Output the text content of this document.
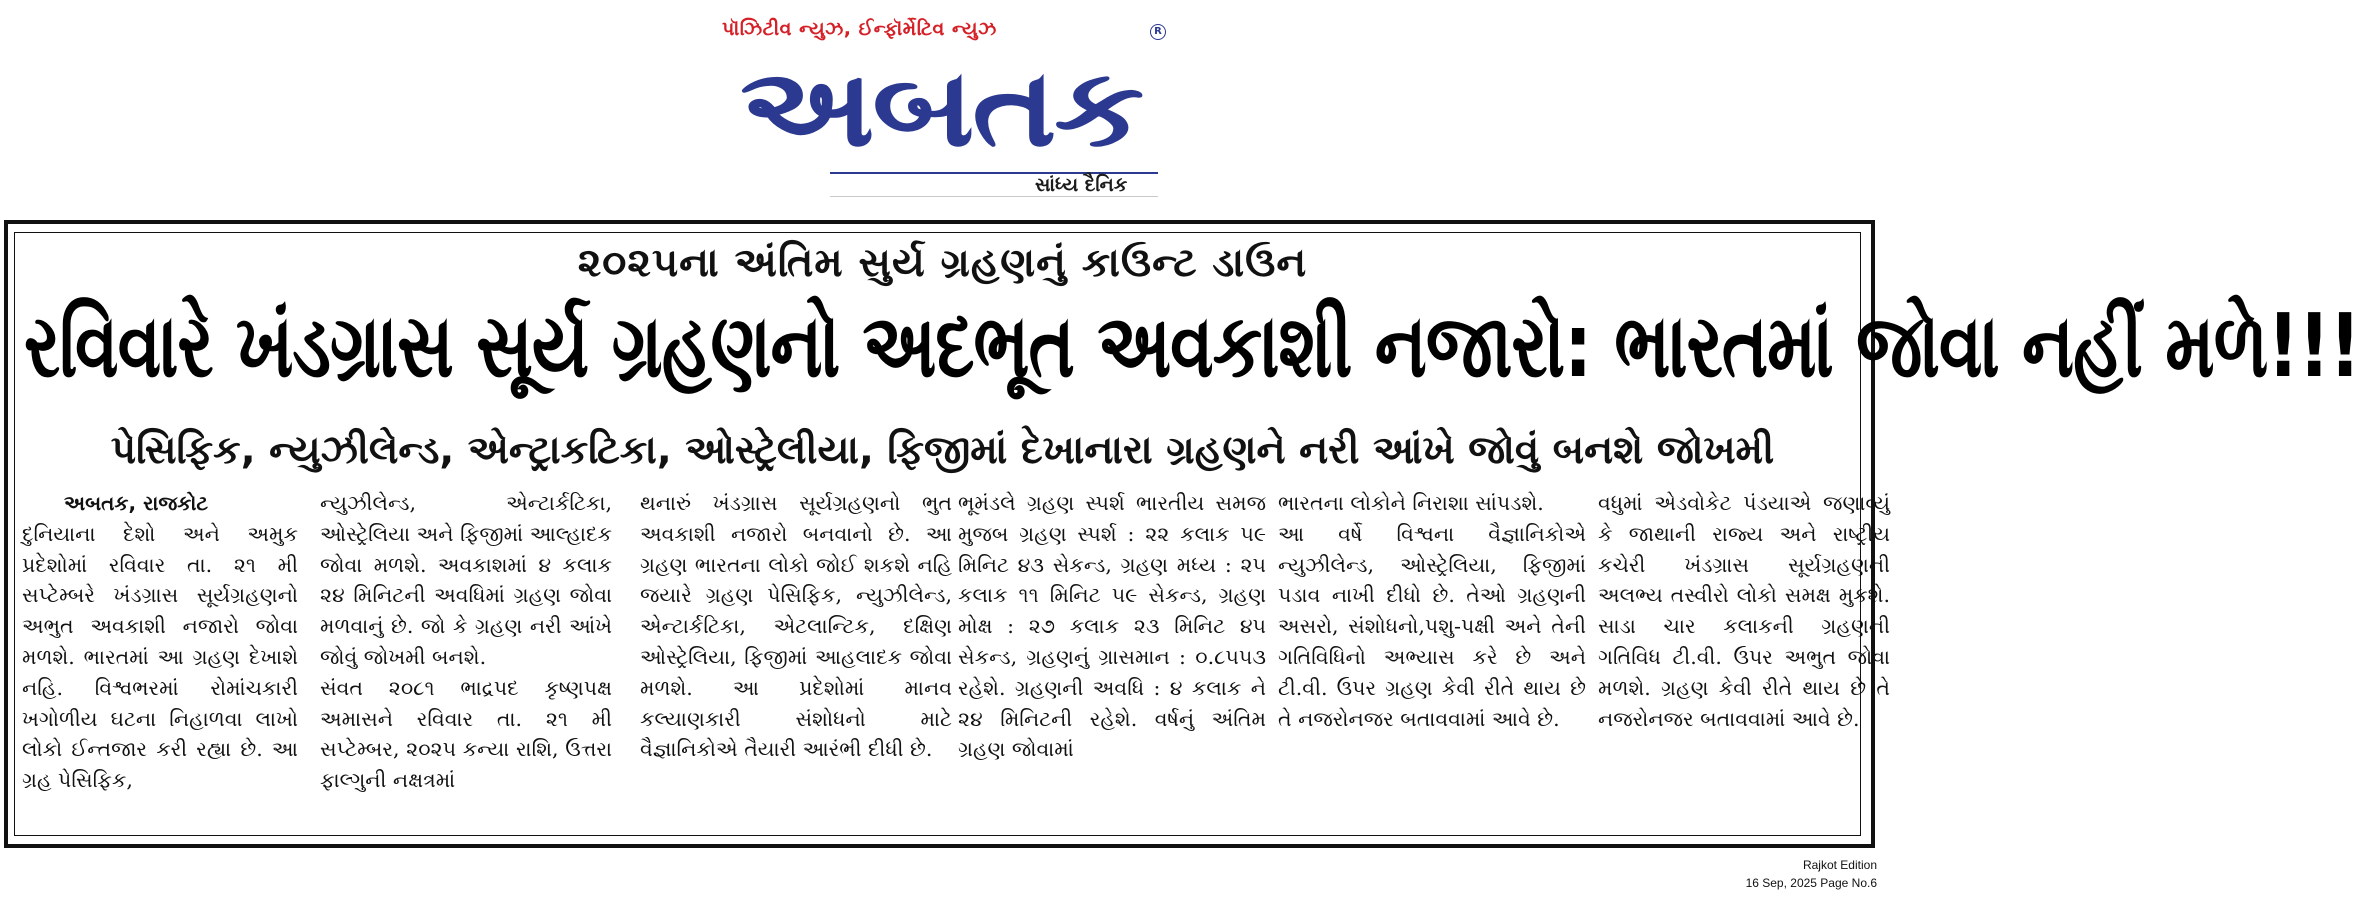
પૉઝિટીવ ન્યુઝ, ઈન્ફૉર્મેટિવ ન્યુઝ	R
અબતક
સાંધ્ય દૈનિક
૨૦૨૫ના અંતિમ સુર્ય ગ્રહણનું કાઉન્ટ ડાઉન
રવિવારે ખંડગ્રાસ સૂર્ય ગ્રહણનો અદભૂત અવકાશી નજારો: ભારતમાં જોવા નહીં મળે!!!
પેસિફિક, ન્યુઝીલેન્ડ, એન્ટ્રાકટિકા, ઓસ્ટ્રેલીયા, ફિજીમાં દેખાનારા ગ્રહણને નરી આંખે જોવું બનશે જોખમી
અબતક, રાજકોટ

દુનિયાના દેશો અને અમુક પ્રદેશોમાં રવિવાર તા. ૨૧ મી સપ્ટેમ્બરે ખંડગ્રાસ સૂર્યગ્રહણનો અભુત અવકાશી નજારો જોવા મળશે. ભારતમાં આ ગ્રહણ દેખાશે નહિ. વિશ્વભરમાં રોમાંચકારી ખગોળીય ઘટના નિહાળવા લાખો લોકો ઈન્તજાર કરી રહ્યા છે. આ ગ્રહ પેસિફિક,

ન્યુઝીલેન્ડ, એન્ટાર્કટિકા, ઓસ્ટ્રેલિયા અને ફિજીમાં આલ્હાદક જોવા મળશે. અવકાશમાં ૪ કલાક ૨૪ મિનિટની અવધિમાં ગ્રહણ જોવા મળવાનું છે. જો કે ગ્રહણ નરી આંખે જોવું જોખમી બનશે.
સંવત ૨૦૮૧ ભાદ્રપદ કૃષ્ણપક્ષ અમાસને રવિવાર તા. ૨૧ મી સપ્ટેમ્બર, ૨૦૨૫ કન્યા રાશિ, ઉત્તરા ફાલ્ગુની નક્ષત્રમાં

થનારું ખંડગ્રાસ સૂર્યગ્રહણનો ભુત અવકાશી નજારો બનવાનો છે. આ ગ્રહણ ભારતના લોકો જોઈ શકશે નહિ જયારે ગ્રહણ પેસિફિક, ન્યુઝીલેન્ડ, એન્ટાર્કટિકા, એટલાન્ટિક, દક્ષિણ ઓસ્ટ્રેલિયા, ફિજીમાં આહલાદક જોવા મળશે. આ પ્રદેશોમાં માનવ કલ્યાણકારી સંશોધનો માટે વૈજ્ઞાનિકોએ તૈયારી આરંભી દીધી છે.

ભૂમંડલે ગ્રહણ સ્પર્શ ભારતીય સમજ મુજબ ગ્રહણ સ્પર્શ : ૨૨ કલાક ૫૯ મિનિટ ૪૩ સેકન્ડ, ગ્રહણ મધ્ય : ૨૫ કલાક ૧૧ મિનિટ ૫૯ સેકન્ડ, ગ્રહણ મોક્ષ : ૨૭ કલાક ૨૩ મિનિટ ૪૫ સેકન્ડ, ગ્રહણનું ગ્રાસમાન : ૦.૮૫૫૩ રહેશે. ગ્રહણની અવધિ : ૪ કલાક ને ૨૪ મિનિટની રહેશે. વર્ષનું અંતિમ ગ્રહણ જોવામાં

ભારતના લોકોને નિરાશા સાંપડશે.
આ વર્ષે વિશ્વના વૈજ્ઞાનિકોએ ન્યુઝીલેન્ડ, ઓસ્ટ્રેલિયા, ફિજીમાં પડાવ નાખી દીધો છે. તેઓ ગ્રહણની અસરો, સંશોધનો,પશુ-પક્ષી અને તેની ગતિવિધિનો અભ્યાસ કરે છે અને ટી.વી. ઉપર ગ્રહણ કેવી રીતે થાય છે તે નજરોનજર બતાવવામાં આવે છે.

વધુમાં એડવોકેટ પંડયાએ જણાવ્યું કે જાથાની રાજ્ય અને રાષ્ટ્રીય કચેરી ખંડગ્રાસ સૂર્યગ્રહણની અલભ્ય તસ્વીરો લોકો સમક્ષ મુકશે. સાડા ચાર કલાકની ગ્રહણની ગતિવિધ ટી.વી. ઉપર અભુત જોવા મળશે. ગ્રહણ કેવી રીતે થાય છે તે નજરોનજર બતાવવામાં આવે છે.

Rajkot Edition
16 Sep, 2025 Page No.6
